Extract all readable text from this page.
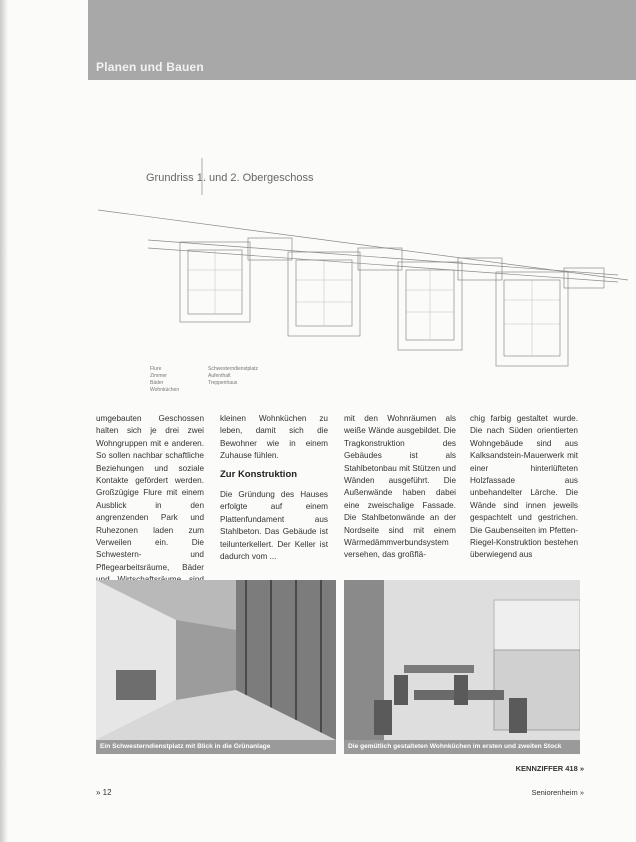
Planen und Bauen
Grundriss 1. und 2. Obergeschoss
Flure
Zimmer
Bäder
Wohnküchen
Schwesterndienstplatz
Aufenthalt
Treppenhaus

umgebauten Geschossen halten sich je drei zwei Wohngruppen mit e anderen. So sollen nachbar schaftliche Beziehungen und soziale Kontakte gefördert werden. Großzügige Flure mit einem Ausblick in den angrenzenden Park und Ruhezonen laden zum Verweilen ein. Die Schwestern- und Pflegearbeitsräume, Bäder

kleinen Wohnküchen zu leben, damit sich die Bewohner wie in einem Zuhause fühlen.

Zur Konstruktion

Die Gründung des Hauses erfolgte auf einem Plattenfundament aus Stahlbeton. Das Gebäude ist teilunterkellert. Der Keller ist dadurch vom ...

mit den Wohnräumen als weiße Wände ausgebildet. Die Tragkonstruktion des Gebäudes ist als Stahlbetonbau mit Stützen und Wänden ausgeführt. Die Außenwände haben dabei eine zweischalige Fassade. Die Stahlbetonwände an der Nordseite sind mit einem Wärmedämmverbundsystem versehen, das großflä-

chig farbig gestaltet wurde. Die nach Süden orientierten Wohngebäude sind aus Kalksandstein-Mauerwerk mit einer hinterlüfteten Holzfassade aus unbehandelter Lärche. Die Wände sind innen jeweils gespachtelt und gestrichen. Die Gaubenseiten im Pfetten-Riegel-Konstruktion bestehen überwiegend aus

Ein Schwesterndienstplatz mit Blick in die Grünanlage	Die gemütlich gestalteten Wohnküchen im ersten und zweiten Stock
KENNZIFFER 418 »
» 12	Seniorenheim »
